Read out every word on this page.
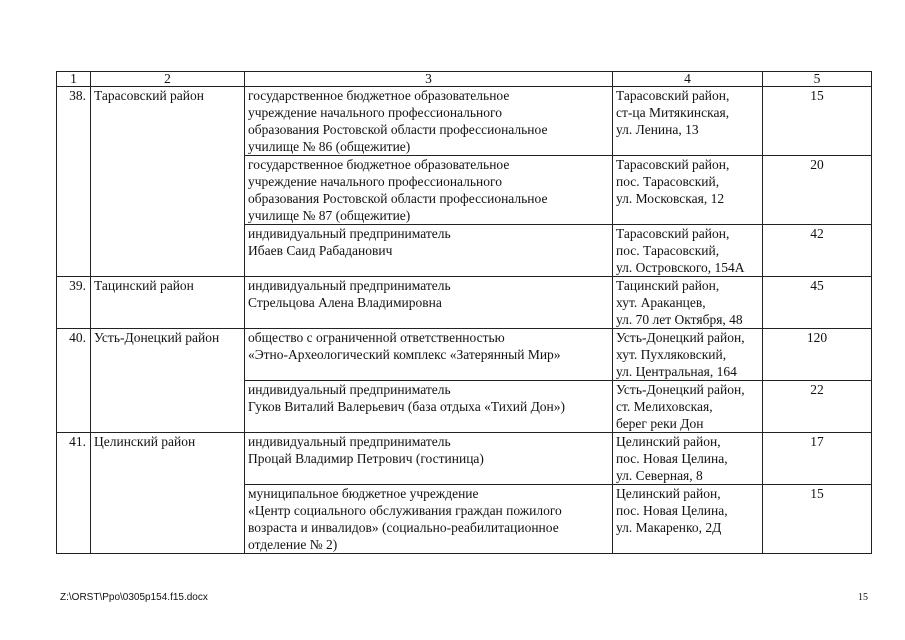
1	2	3	4	5
38.	Тарасовский район	государственное бюджетное образовательное
учреждение начального профессионального
образования Ростовской области профессиональное
училище № 86 (общежитие)	Тарасовский район,
ст-ца Митякинская,
ул. Ленина, 13	15

		государственное бюджетное образовательное
учреждение начального профессионального
образования Ростовской области профессиональное
училище № 87 (общежитие)	Тарасовский район,
пос. Тарасовский,
ул. Московская, 12	20

		индивидуальный предприниматель
Ибаев Саид Рабаданович	Тарасовский район,
пос. Тарасовский,
ул. Островского, 154А	42
39.	Тацинский район	индивидуальный предприниматель
Стрельцова Алена Владимировна	Тацинский район,
хут. Араканцев,
ул. 70 лет Октября, 48	45
40.	Усть-Донецкий район	общество с ограниченной ответственностью
«Этно-Археологический комплекс «Затерянный Мир»	Усть-Донецкий район,
хут. Пухляковский,
ул. Центральная, 164	120

		индивидуальный предприниматель
Гуков Виталий Валерьевич (база отдыха «Тихий Дон»)	Усть-Донецкий район,
ст. Мелиховская,
берег реки Дон	22
41.	Целинский район	индивидуальный предприниматель
Процай Владимир Петрович (гостиница)	Целинский район,
пос. Новая Целина,
ул. Северная, 8	17

		муниципальное бюджетное учреждение
«Центр социального обслуживания граждан пожилого
возраста и инвалидов» (социально-реабилитационное
отделение № 2)	Целинский район,
пос. Новая Целина,
ул. Макаренко, 2Д	15
Z:\ORST\Ppo\0305p154.f15.docx	15
